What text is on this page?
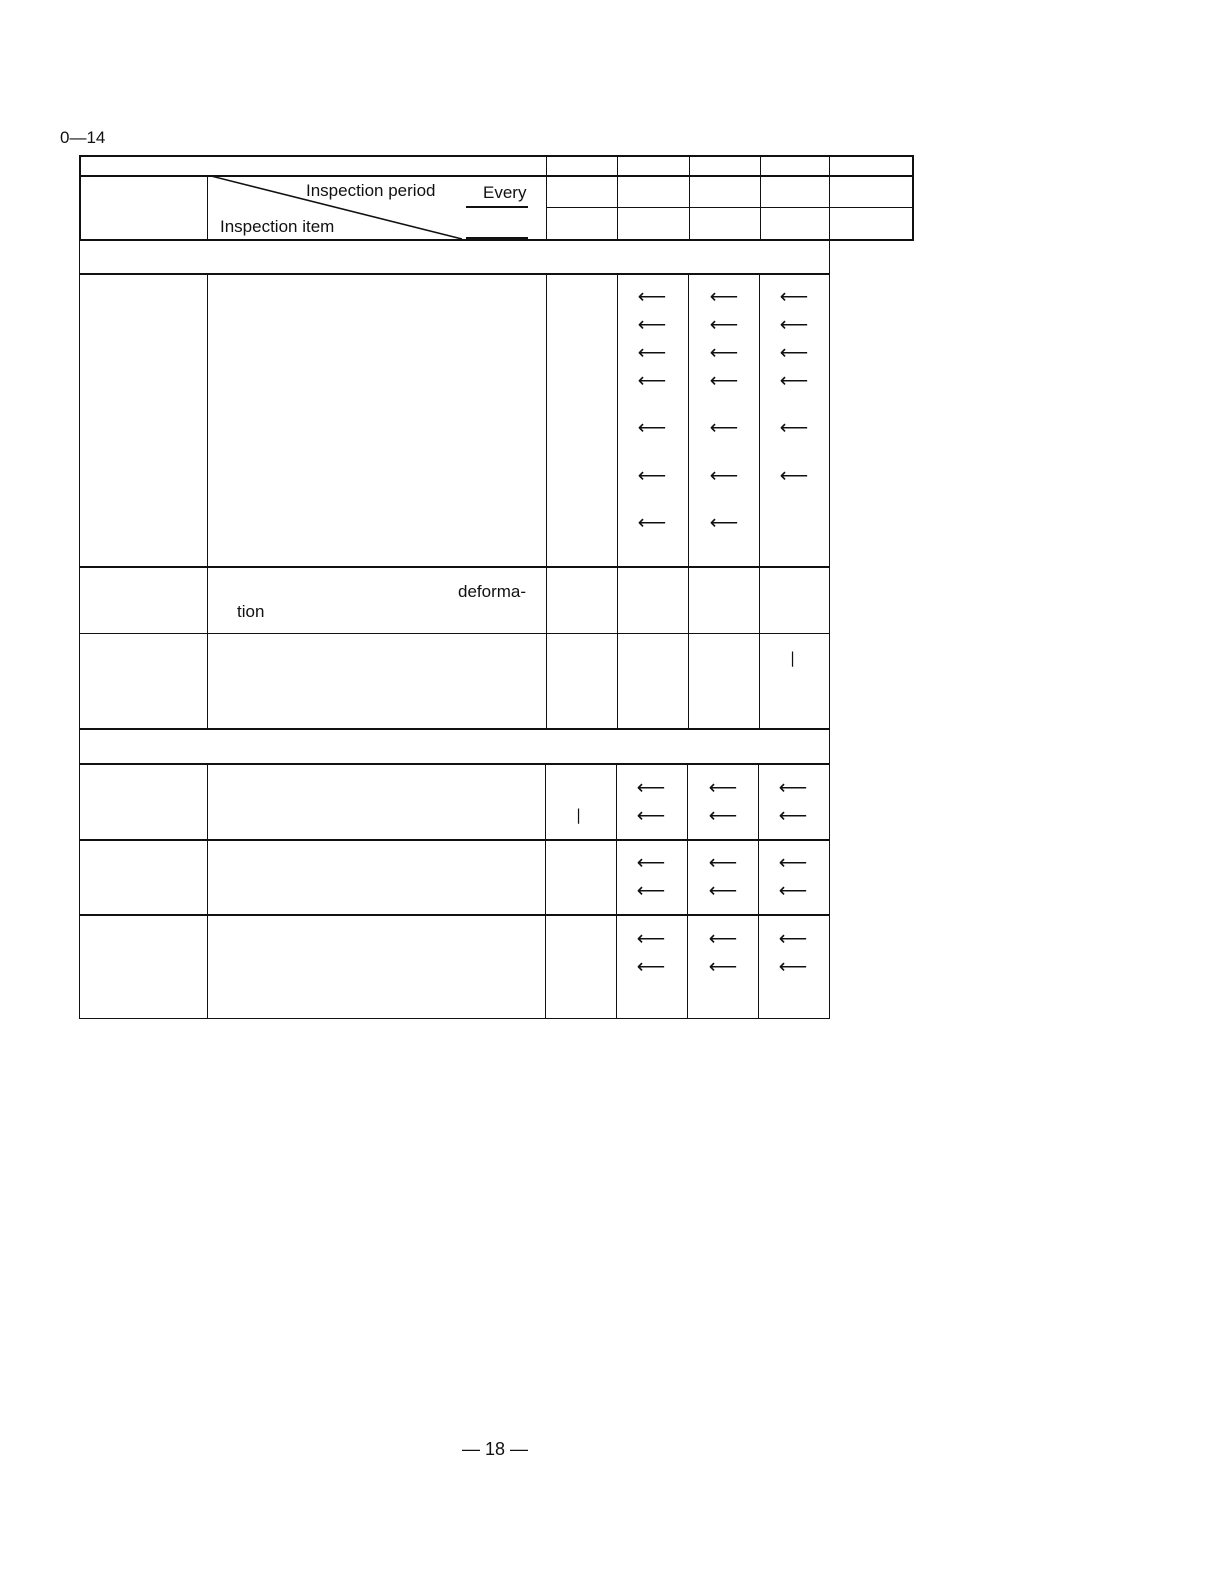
0—14
Inspection period
Inspection item
Every
deforma-
tion
⟵ ⟵ ⟵
⟵ ⟵ ⟵
⟵ ⟵ ⟵
⟵ ⟵ ⟵
⟵ ⟵ ⟵
⟵ ⟵ ⟵
⟵ ⟵
|
⟵ ⟵ ⟵
|	⟵ ⟵ ⟵
⟵ ⟵ ⟵
⟵ ⟵ ⟵
⟵ ⟵ ⟵
⟵ ⟵ ⟵
— 18 —
